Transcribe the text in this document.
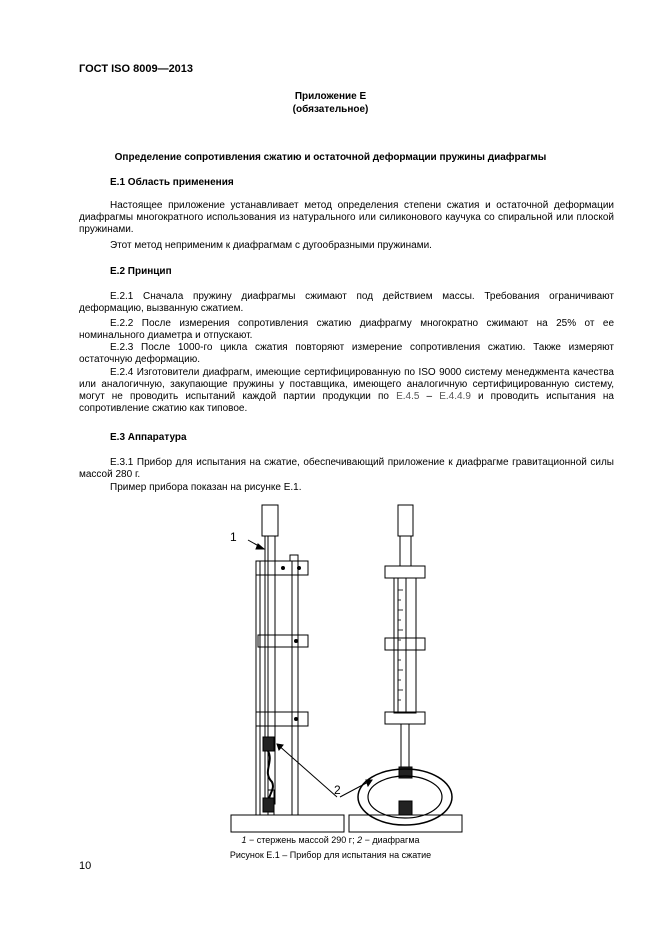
ГОСТ ISO 8009—2013
Приложение Е
(обязательное)
Определение сопротивления сжатию и остаточной деформации пружины диафрагмы
Е.1 Область применения
Настоящее приложение устанавливает метод определения степени сжатия и остаточной деформации диафрагмы многократного использования из натурального или силиконового каучука со спиральной или плоской пружинами.
Этот метод неприменим к диафрагмам с дугообразными пружинами.
Е.2 Принцип
Е.2.1 Сначала пружину диафрагмы сжимают под действием массы. Требования ограничивают деформацию, вызванную сжатием.
Е.2.2 После измерения сопротивления сжатию диафрагму многократно сжимают на 25% от ее номинального диаметра и отпускают.
Е.2.3 После 1000-го цикла сжатия повторяют измерение сопротивления сжатию. Также измеряют остаточную деформацию.
Е.2.4 Изготовители диафрагм, имеющие сертифицированную по ISO 9000 систему менеджмента качества или аналогичную, закупающие пружины у поставщика, имеющего аналогичную сертифицированную систему, могут не проводить испытаний каждой партии продукции по Е.4.5 – Е.4.4.9 и проводить испытания на сопротивление сжатию как типовое.
Е.3 Аппаратура
Е.3.1 Прибор для испытания на сжатие, обеспечивающий приложение к диафрагме гравитационной силы массой 280 г.
Пример прибора показан на рисунке Е.1.
1
2
1 − стержень массой 290 г; 2 − диафрагма
Рисунок Е.1 – Прибор для испытания на сжатие
10
